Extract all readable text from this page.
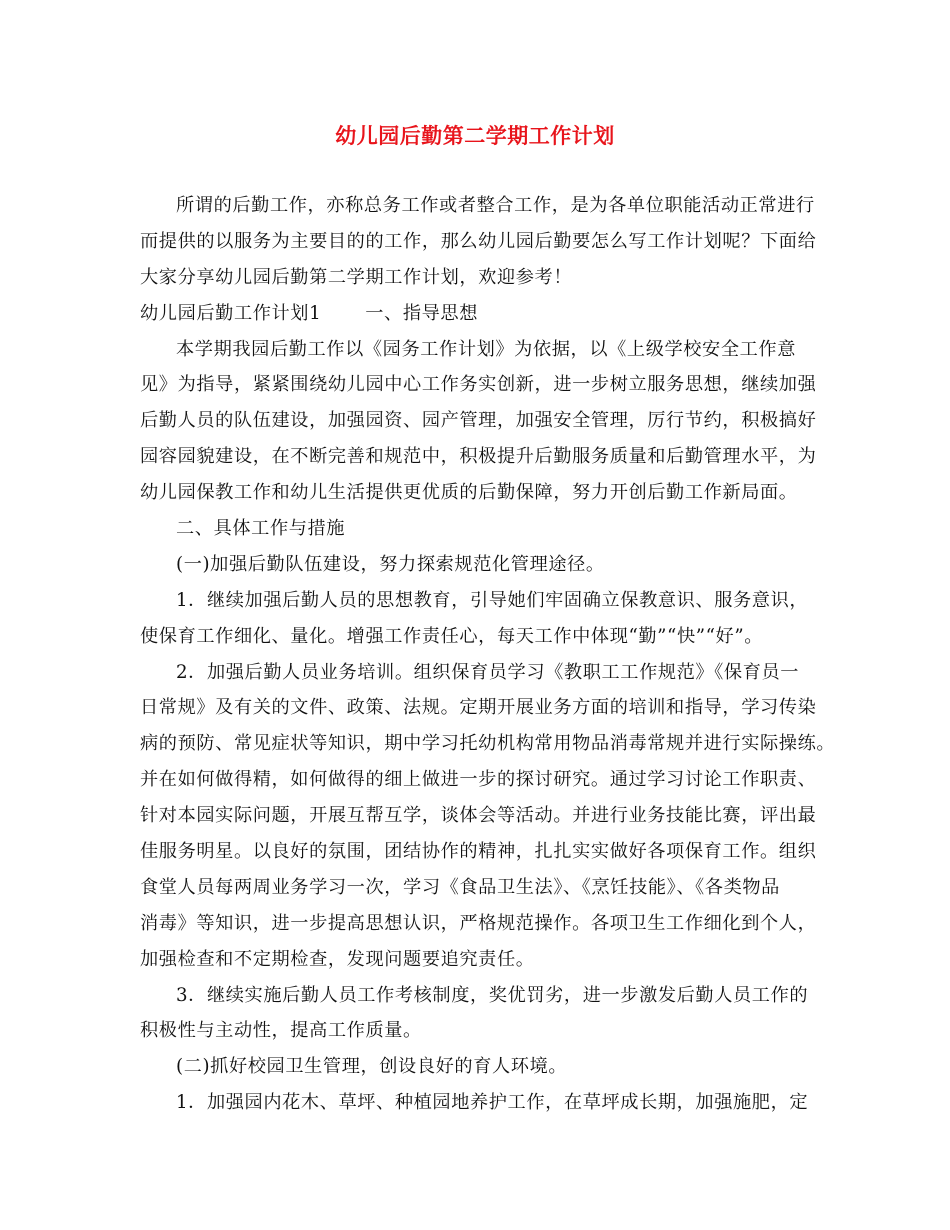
幼儿园后勤第二学期工作计划
所谓的后勤工作，亦称总务工作或者整合工作，是为各单位职能活动正常进行
而提供的以服务为主要目的的工作，那么幼儿园后勤要怎么写工作计划呢？下面给
大家分享幼儿园后勤第二学期工作计划，欢迎参考！
幼儿园后勤工作计划1 一、指导思想
本学期我园后勤工作以《园务工作计划》为依据，以《上级学校安全工作意
见》为指导，紧紧围绕幼儿园中心工作务实创新，进一步树立服务思想，继续加强
后勤人员的队伍建设，加强园资、园产管理，加强安全管理，厉行节约，积极搞好
园容园貌建设，在不断完善和规范中，积极提升后勤服务质量和后勤管理水平，为
幼儿园保教工作和幼儿生活提供更优质的后勤保障，努力开创后勤工作新局面。
二、具体工作与措施
(一)加强后勤队伍建设，努力探索规范化管理途径。
1．继续加强后勤人员的思想教育，引导她们牢固确立保教意识、服务意识，
使保育工作细化、量化。增强工作责任心，每天工作中体现“勤”“快”“好”。
2．加强后勤人员业务培训。组织保育员学习《教职工工作规范》《保育员一
日常规》及有关的文件、政策、法规。定期开展业务方面的培训和指导，学习传染
病的预防、常见症状等知识，期中学习托幼机构常用物品消毒常规并进行实际操练。
并在如何做得精，如何做得的细上做进一步的探讨研究。通过学习讨论工作职责、
针对本园实际问题，开展互帮互学，谈体会等活动。并进行业务技能比赛，评出最
佳服务明星。以良好的氛围，团结协作的精神，扎扎实实做好各项保育工作。组织
食堂人员每两周业务学习一次，学习《食品卫生法》、《烹饪技能》、《各类物品
消毒》等知识，进一步提高思想认识，严格规范操作。各项卫生工作细化到个人，
加强检查和不定期检查，发现问题要追究责任。
3．继续实施后勤人员工作考核制度，奖优罚劣，进一步激发后勤人员工作的
积极性与主动性，提高工作质量。
(二)抓好校园卫生管理，创设良好的育人环境。
1．加强园内花木、草坪、种植园地养护工作，在草坪成长期，加强施肥，定
